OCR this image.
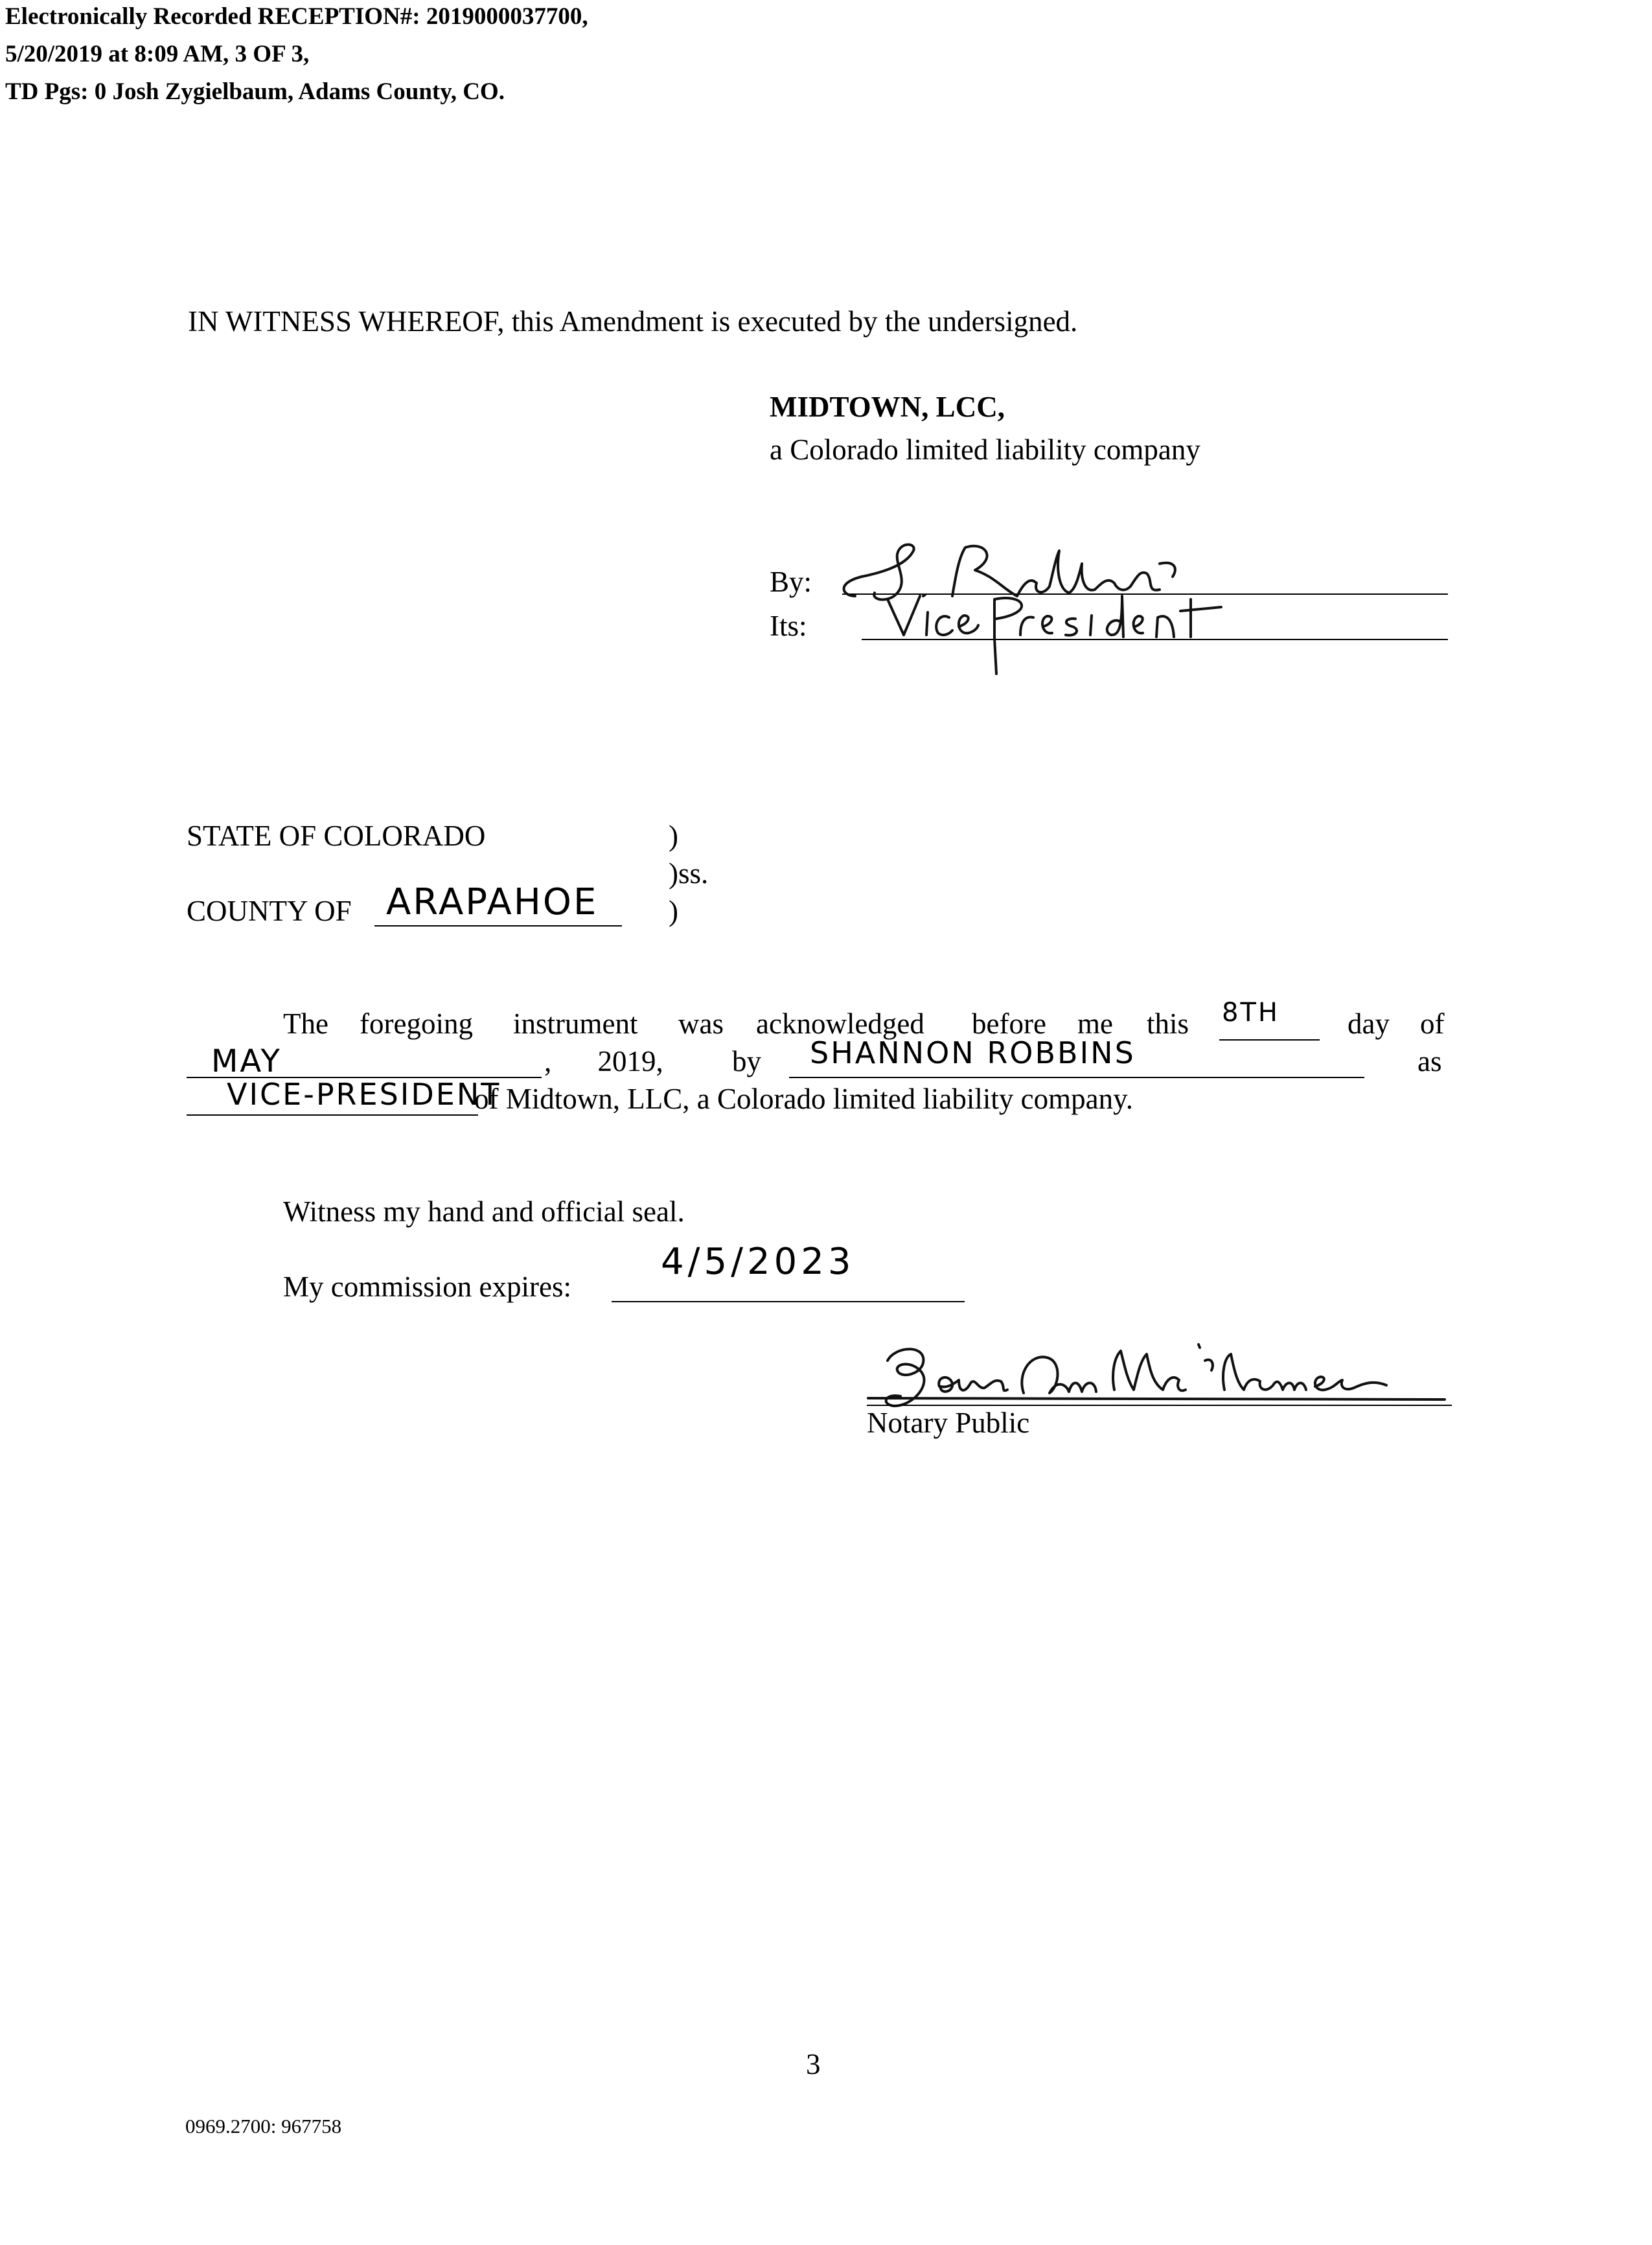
Electronically Recorded RECEPTION#: 2019000037700,
5/20/2019 at 8:09 AM, 3 OF 3,
TD Pgs: 0 Josh Zygielbaum, Adams County, CO.
IN WITNESS WHEREOF, this Amendment is executed by the undersigned.
MIDTOWN, LCC,
a Colorado limited liability company
By:
Its:
STATE OF COLORADO	)
)ss.
COUNTY OF ARAPAHOE )
The foregoing instrument was acknowledged before me this 8TH day of
MAY	, 2019, by SHANNON ROBBINS	as
VICE-PRESIDENT
of Midtown, LLC, a Colorado limited liability company.
Witness my hand and official seal.
My commission expires:
4/5/2023
Notary Public
3
0969.2700: 967758
